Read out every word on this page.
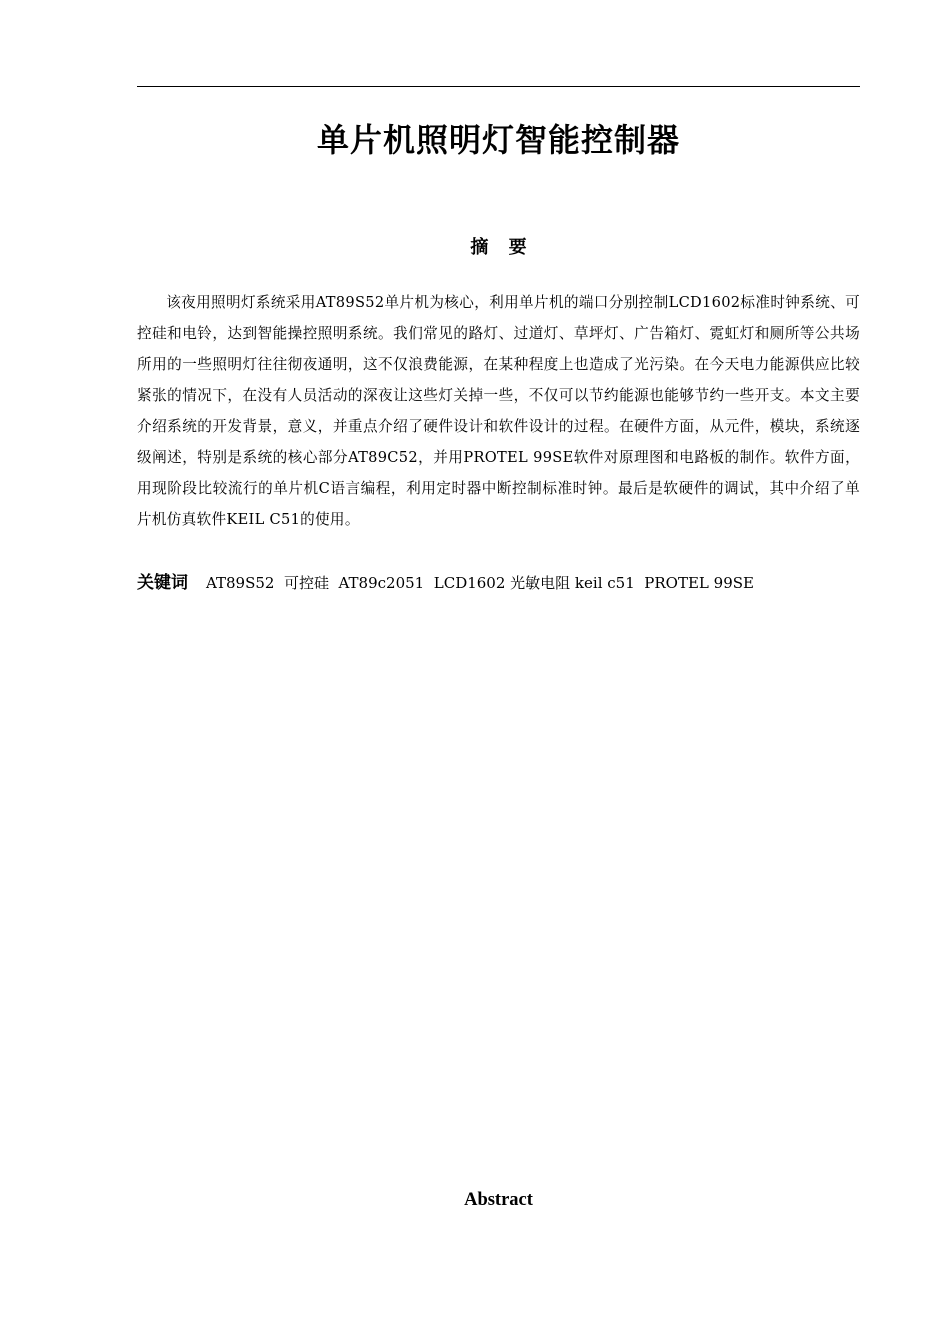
单片机照明灯智能控制器
摘 要

该夜用照明灯系统采用AT89S52单片机为核心，利用单片机的端口分别控制LCD1602标准时钟系统、可控硅和电铃，达到智能操控照明系统。我们常见的路灯、过道灯、草坪灯、广告箱灯、霓虹灯和厕所等公共场所用的一些照明灯往往彻夜通明，这不仅浪费能源，在某种程度上也造成了光污染。在今天电力能源供应比较紧张的情况下，在没有人员活动的深夜让这些灯关掉一些，不仅可以节约能源也能够节约一些开支。本文主要介绍系统的开发背景，意义，并重点介绍了硬件设计和软件设计的过程。在硬件方面，从元件，模块，系统逐级阐述，特别是系统的核心部分AT89C52，并用PROTEL 99SE软件对原理图和电路板的制作。软件方面，用现阶段比较流行的单片机C语言编程，利用定时器中断控制标准时钟。最后是软硬件的调试，其中介绍了单片机仿真软件KEIL C51的使用。

关键词 AT89S52  可控硅  AT89c2051  LCD1602 光敏电阻 keil c51  PROTEL 99SE
Abstract
